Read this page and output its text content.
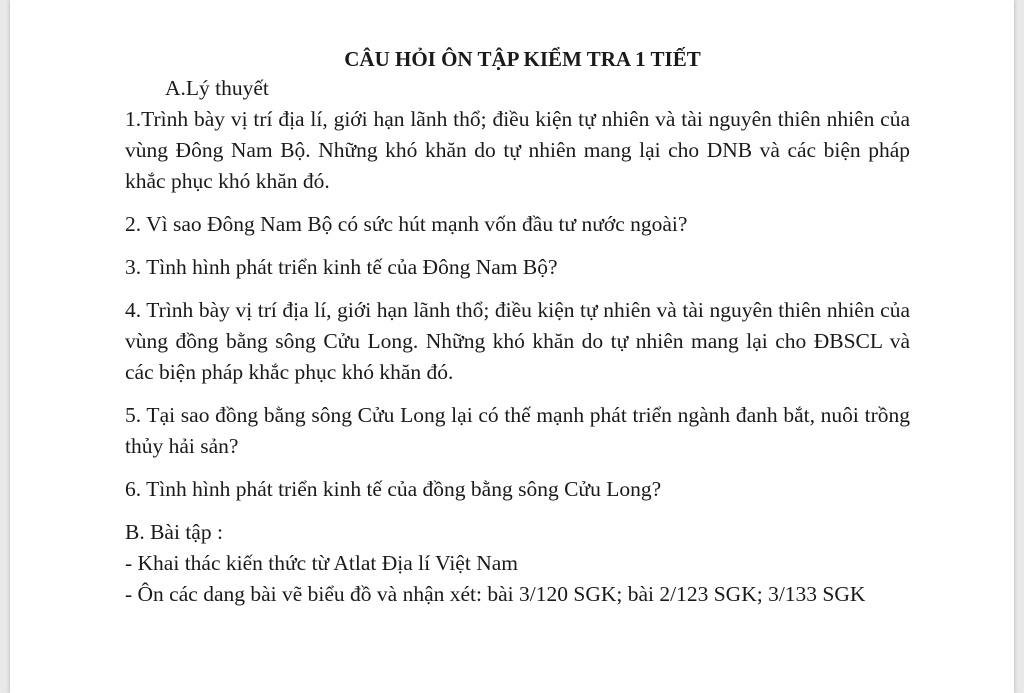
CÂU HỎI ÔN TẬP KIỂM TRA 1 TIẾT
A.Lý thuyết

1.Trình bày vị trí địa lí, giới hạn lãnh thổ; điều kiện tự nhiên và tài nguyên thiên nhiên của vùng Đông Nam Bộ. Những khó khăn do tự nhiên mang lại cho DNB và các biện pháp khắc phục khó khăn đó.

2. Vì sao Đông Nam Bộ có sức hút mạnh vốn đầu tư nước ngoài?

3. Tình hình phát triển kinh tế của Đông Nam Bộ?

4. Trình bày vị trí địa lí, giới hạn lãnh thổ; điều kiện tự nhiên và tài nguyên thiên nhiên của vùng đồng bằng sông Cửu Long. Những khó khăn do tự nhiên mang lại cho ĐBSCL và các biện pháp khắc phục khó khăn đó.

5. Tại sao đồng bằng sông Cửu Long lại có thế mạnh phát triển ngành đanh bắt, nuôi trồng thủy hải sản?

6. Tình hình phát triển kinh tế của đồng bằng sông Cửu Long?

B. Bài tập :
- Khai thác kiến thức từ Atlat Địa lí Việt Nam
- Ôn các dang bài vẽ biểu đồ và nhận xét: bài 3/120 SGK; bài 2/123 SGK; 3/133 SGK
